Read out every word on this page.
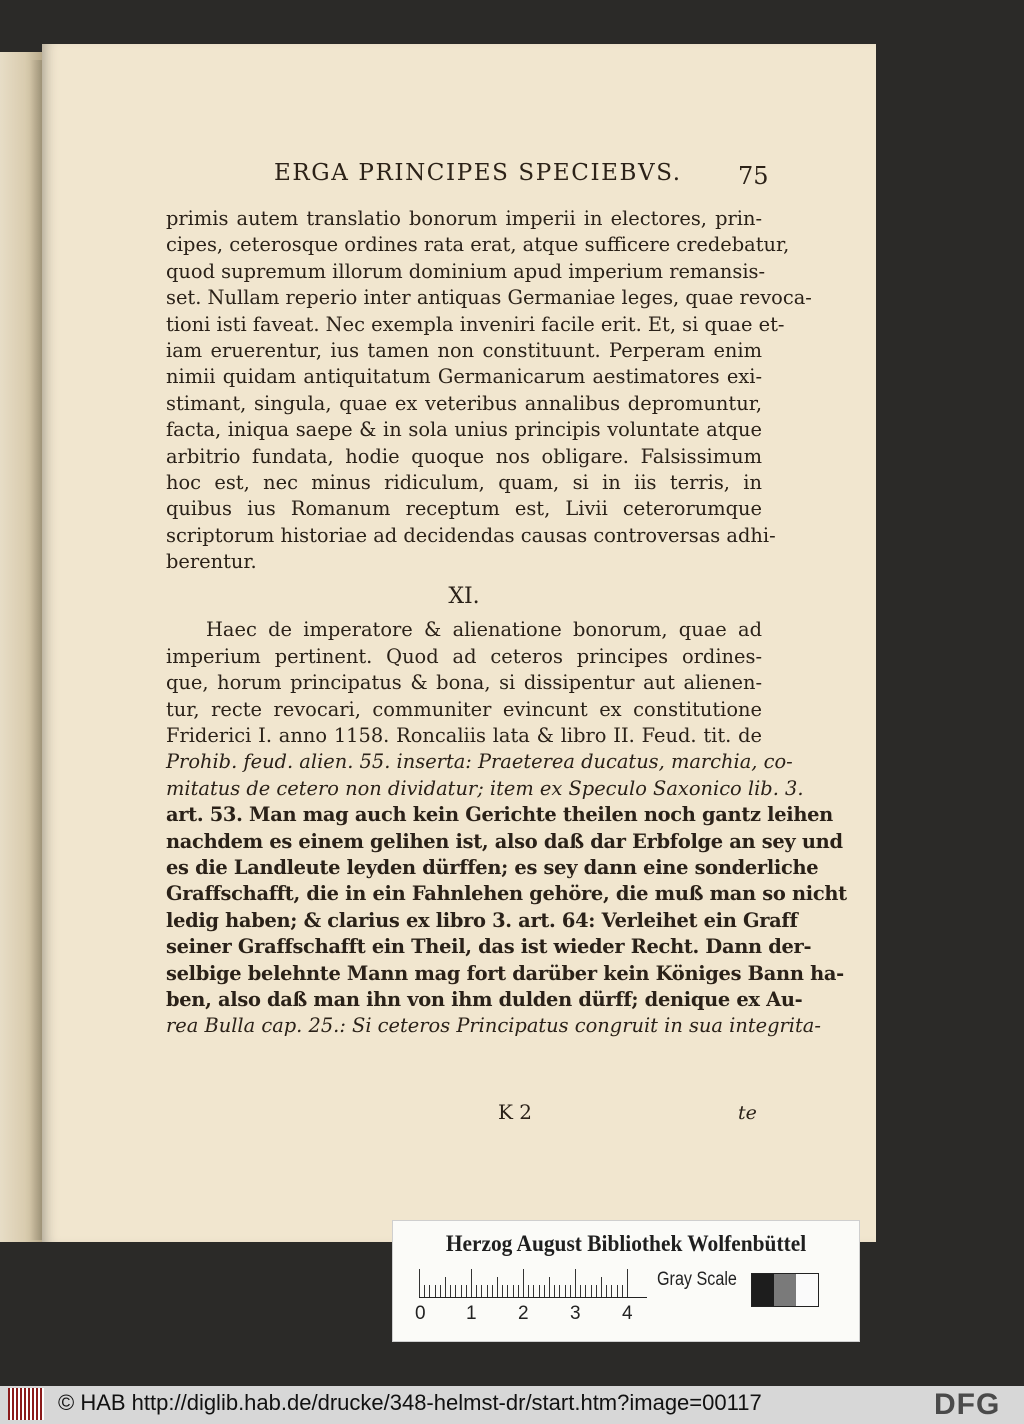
ERGA PRINCIPES SPECIEBVS. 75
primis autem translatio bonorum imperii in electores, prin-
cipes, ceterosque ordines rata erat, atque sufficere credebatur,
quod supremum illorum dominium apud imperium remansis-
set. Nullam reperio inter antiquas Germaniae leges, quae revoca-
tioni isti faveat. Nec exempla inveniri facile erit. Et, si quae et-
iam eruerentur, ius tamen non constituunt. Perperam enim
nimii quidam antiquitatum Germanicarum aestimatores exi-
stimant, singula, quae ex veteribus annalibus depromuntur,
facta, iniqua saepe & in sola unius principis voluntate atque
arbitrio fundata, hodie quoque nos obligare. Falsissimum
hoc est, nec minus ridiculum, quam, si in iis terris, in
quibus ius Romanum receptum est, Livii ceterorumque
scriptorum historiae ad decidendas causas controversas adhi-
berentur.
XI.
Haec de imperatore & alienatione bonorum, quae ad
imperium pertinent. Quod ad ceteros principes ordines-
que, horum principatus & bona, si dissipentur aut alienen-
tur, recte revocari, communiter evincunt ex constitutione
Friderici I. anno 1158. Roncaliis lata & libro II. Feud. tit. de
Prohib. feud. alien. 55. inserta: Praeterea ducatus, marchia, co-
mitatus de cetero non dividatur; item ex Speculo Saxonico lib. 3.
art. 53. Man mag auch kein Gerichte theilen noch gantz leihen
nachdem es einem gelihen ist, also daß dar Erbfolge an sey und
es die Landleute leyden dürffen; es sey dann eine sonderliche
Graffschafft, die in ein Fahnlehen gehöre, die muß man so nicht
ledig haben; & clarius ex libro 3. art. 64: Verleihet ein Graff
seiner Graffschafft ein Theil, das ist wieder Recht. Dann der-
selbige belehnte Mann mag fort darüber kein Königes Bann ha-
ben, also daß man ihn von ihm dulden dürff; denique ex Au-
rea Bulla cap. 25.: Si ceteros Principatus congruit in sua integrita-
K 2	te
Herzog August Bibliothek Wolfenbüttel
0 1 2 3 4
Gray Scale
© HAB http://diglib.hab.de/drucke/348-helmst-dr/start.htm?image=00117	DFG
